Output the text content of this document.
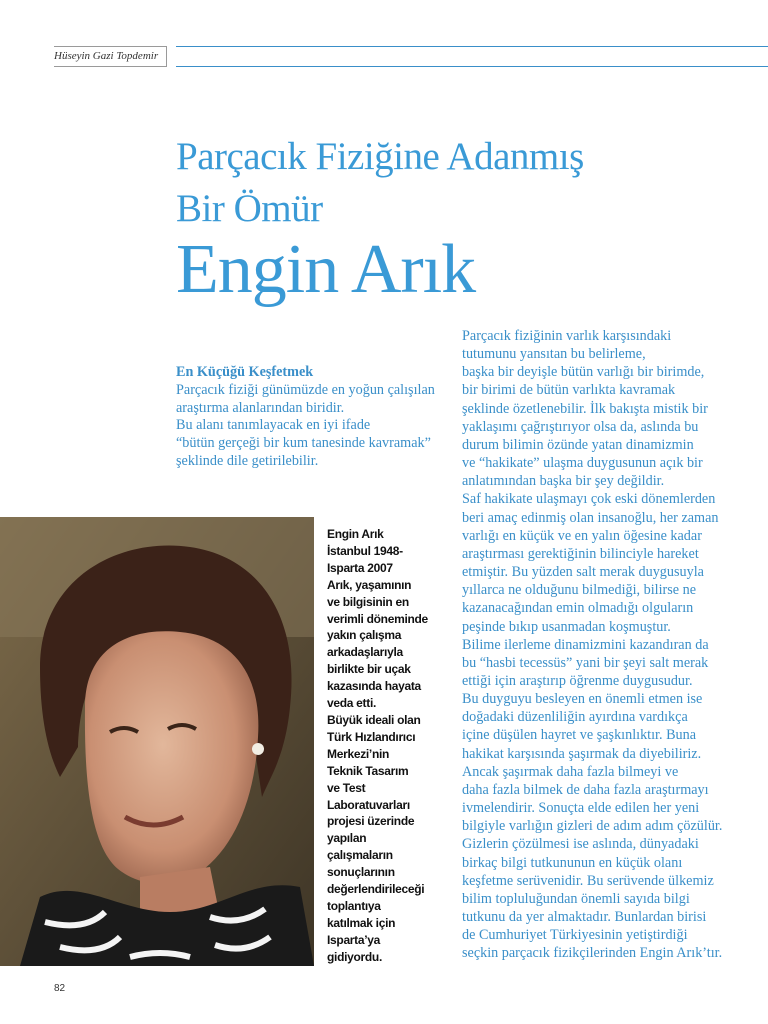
Hüseyin Gazi Topdemir
Parçacık Fiziğine Adanmış
Bir Ömür
Engin Arık

En Küçüğü Keşfetmek

Parçacık fiziği günümüzde en yoğun çalışılan

araştırma alanlarından biridir.

Bu alanı tanımlayacak en iyi ifade

“bütün gerçeği bir kum tanesinde kavramak”

şeklinde dile getirilebilir.

Engin Arık
İstanbul 1948-
Isparta 2007
Arık, yaşamının
ve bilgisinin en
verimli döneminde
yakın çalışma
arkadaşlarıyla
birlikte bir uçak
kazasında hayata
veda etti.
Büyük ideali olan
Türk Hızlandırıcı
Merkezi’nin
Teknik Tasarım
ve Test
Laboratuvarları
projesi üzerinde
yapılan
çalışmaların
sonuçlarının
değerlendirileceği
toplantıya
katılmak için
Isparta’ya
gidiyordu.
Parçacık fiziğinin varlık karşısındaki
tutumunu yansıtan bu belirleme,
başka bir deyişle bütün varlığı bir birimde,
bir birimi de bütün varlıkta kavramak
şeklinde özetlenebilir. İlk bakışta mistik bir
yaklaşımı çağrıştırıyor olsa da, aslında bu
durum bilimin özünde yatan dinamizmin
ve “hakikate” ulaşma duygusunun açık bir
anlatımından başka bir şey değildir.
Saf hakikate ulaşmayı çok eski dönemlerden
beri amaç edinmiş olan insanoğlu, her zaman
varlığı en küçük ve en yalın öğesine kadar
araştırması gerektiğinin bilinciyle hareket
etmiştir. Bu yüzden salt merak duygusuyla
yıllarca ne olduğunu bilmediği, bilirse ne
kazanacağından emin olmadığı olguların
peşinde bıkıp usanmadan koşmuştur.
Bilime ilerleme dinamizmini kazandıran da
bu “hasbi tecessüs” yani bir şeyi salt merak
ettiği için araştırıp öğrenme duygusudur.
Bu duyguyu besleyen en önemli etmen ise
doğadaki düzenliliğin ayırdına vardıkça
içine düşülen hayret ve şaşkınlıktır. Buna
hakikat karşısında şaşırmak da diyebiliriz.
Ancak şaşırmak daha fazla bilmeyi ve
daha fazla bilmek de daha fazla araştırmayı
ivmelendirir. Sonuçta elde edilen her yeni
bilgiyle varlığın gizleri de adım adım çözülür.
Gizlerin çözülmesi ise aslında, dünyadaki
birkaç bilgi tutkununun en küçük olanı
keşfetme serüvenidir. Bu serüvende ülkemiz
bilim topluluğundan önemli sayıda bilgi
tutkunu da yer almaktadır. Bunlardan birisi
de Cumhuriyet Türkiyesinin yetiştirdiği
seçkin parçacık fizikçilerinden Engin Arık’tır.
82
